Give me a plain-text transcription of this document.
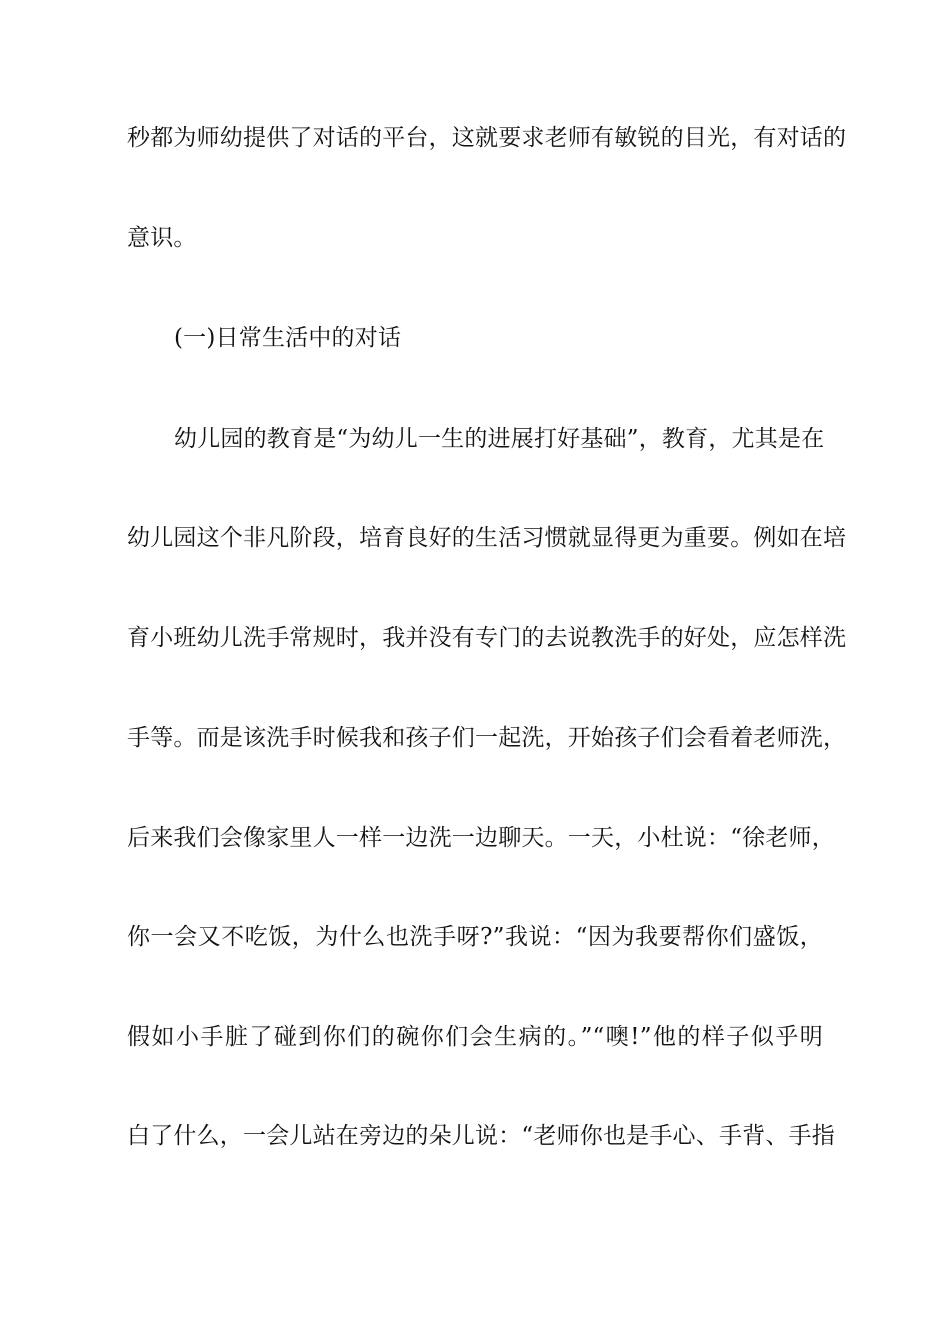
秒都为师幼提供了对话的平台，这就要求老师有敏锐的目光，有对话的
意识。
(一)日常生活中的对话
幼儿园的教育是“为幼儿一生的进展打好基础”，教育，尤其是在
幼儿园这个非凡阶段，培育良好的生活习惯就显得更为重要。例如在培
育小班幼儿洗手常规时，我并没有专门的去说教洗手的好处，应怎样洗
手等。而是该洗手时候我和孩子们一起洗，开始孩子们会看着老师洗，
后来我们会像家里人一样一边洗一边聊天。一天，小杜说：“徐老师，
你一会又不吃饭，为什么也洗手呀?”我说：“因为我要帮你们盛饭，
假如小手脏了碰到你们的碗你们会生病的。”“噢!”他的样子似乎明
白了什么，一会儿站在旁边的朵儿说：“老师你也是手心、手背、手指
